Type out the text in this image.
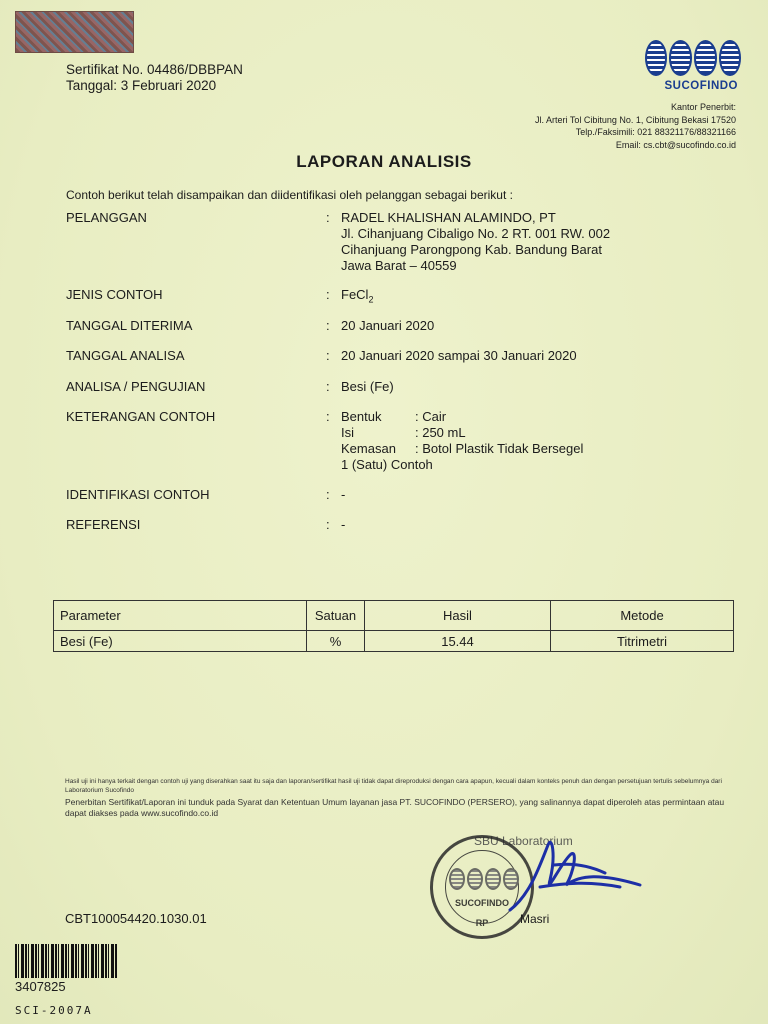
Sertifikat No. 04486/DBBPAN
Tanggal: 3 Februari 2020	SUCOFINDO
Kantor Penerbit:
Jl. Arteri Tol Cibitung No. 1, Cibitung Bekasi 17520
Telp./Faksimili: 021 88321176/88321166
Email: cs.cbt@sucofindo.co.id
LAPORAN ANALISIS
Contoh berikut telah disampaikan dan diidentifikasi oleh pelanggan sebagai berikut :
PELANGGAN	: RADEL KHALISHAN ALAMINDO, PT
Jl. Cihanjuang Cibaligo No. 2 RT. 001 RW. 002
Cihanjuang Parongpong Kab. Bandung Barat
Jawa Barat – 40559
JENIS CONTOH	: FeCl$_2$
TANGGAL DITERIMA	: 20 Januari 2020
TANGGAL ANALISA	: 20 Januari 2020 sampai 30 Januari 2020
ANALISA / PENGUJIAN	: Besi (Fe)
KETERANGAN CONTOH	: Bentuk	: Cair
Isi	: 250 mL
Kemasan : Botol Plastik Tidak Bersegel
1 (Satu) Contoh
IDENTIFIKASI CONTOH	: -
REFERENSI	: -
Parameter	Satuan	Hasil	Metode
Besi (Fe)	%	15.44	Titrimetri
Hasil uji ini hanya terkait dengan contoh uji yang diserahkan saat itu saja dan laporan/sertifikat hasil uji tidak dapat direproduksi dengan cara apapun, kecuali dalam konteks penuh dan dengan persetujuan tertulis sebelumnya dari Laboratorium Sucofindo
Penerbitan Sertifikat/Laporan ini tunduk pada Syarat dan Ketentuan Umum layanan jasa PT. SUCOFINDO (PERSERO), yang salinannya dapat diperoleh atas permintaan atau dapat diakses pada www.sucofindo.co.id
CBT100054420.1030.01
SBU Laboratorium
SUCOFINDO
RP	Masri
3407825
SCI-2007A
